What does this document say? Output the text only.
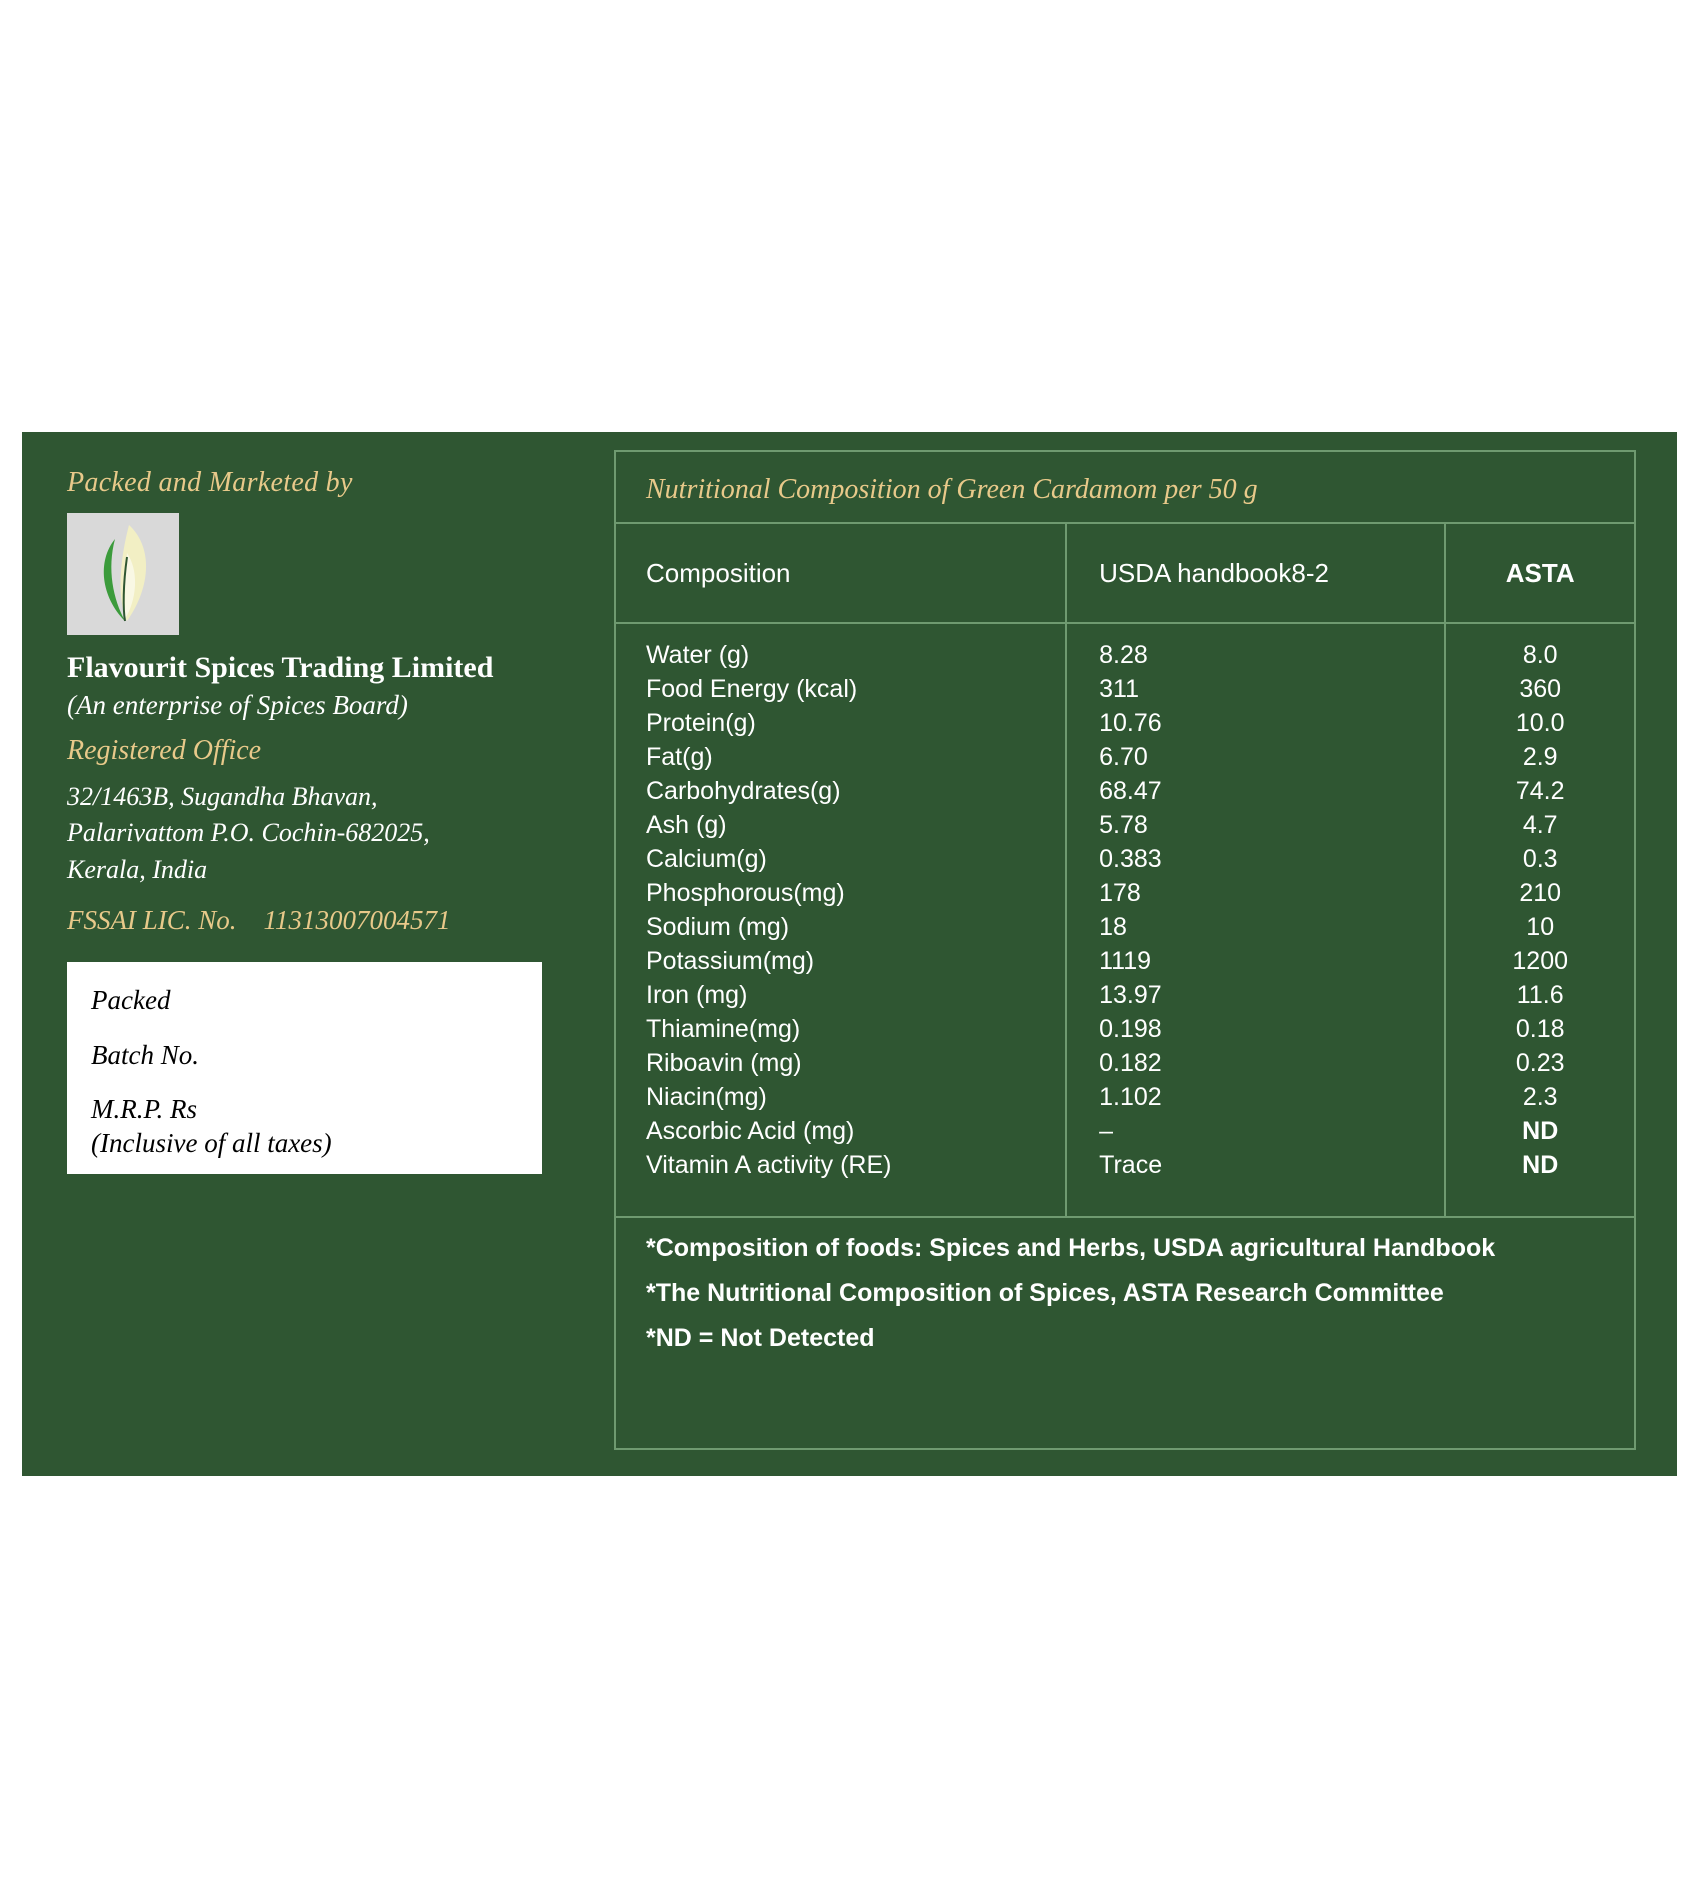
Packed and Marketed by
Flavourit Spices Trading Limited
(An enterprise of Spices Board)
Registered Office
32/1463B, Sugandha Bhavan,
Palarivattom P.O. Cochin-682025,
Kerala, India
FSSAI LIC. No.    11313007004571
Packed
Batch No.
M.R.P. Rs
(Inclusive of all taxes)
Nutritional Composition of Green Cardamom per 50 g
Composition	USDA handbook8-2	ASTA
Water (g)
Food Energy (kcal)
Protein(g)
Fat(g)
Carbohydrates(g)
Ash (g)
Calcium(g)
Phosphorous(mg)
Sodium (mg)
Potassium(mg)
Iron (mg)
Thiamine(mg)
Riboavin (mg)
Niacin(mg)
Ascorbic Acid (mg)
Vitamin A activity (RE)
8.28
311
10.76
6.70
68.47
5.78
0.383
178
18
1119
13.97
0.198
0.182
1.102
–
Trace
8.0
360
10.0
2.9
74.2
4.7
0.3
210
10
1200
11.6
0.18
0.23
2.3
ND
ND
*Composition of foods: Spices and Herbs, USDA agricultural Handbook
*The Nutritional Composition of Spices, ASTA Research Committee
*ND = Not Detected
